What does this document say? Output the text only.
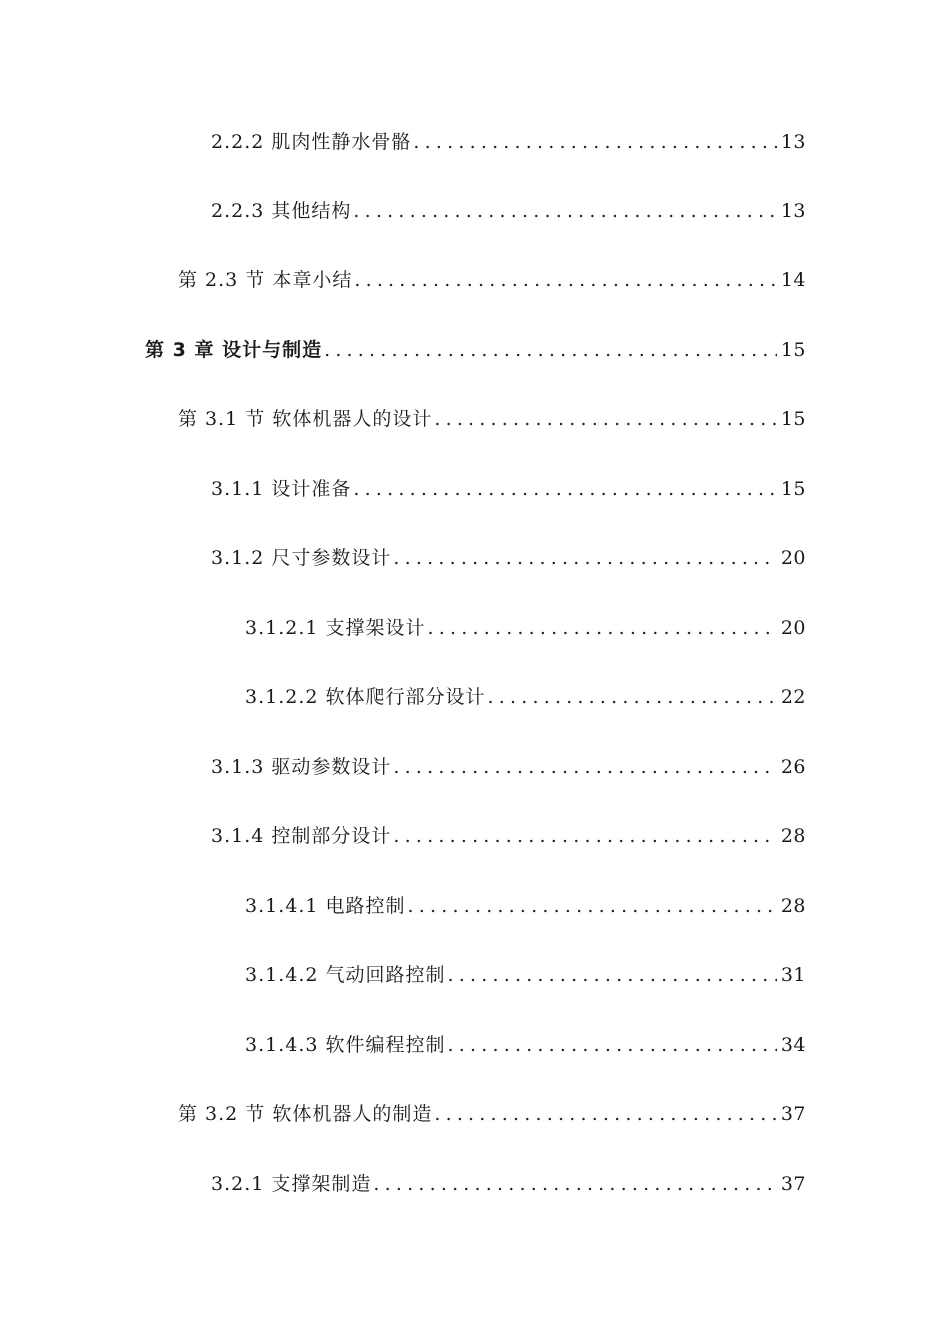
2.2.2 肌肉性静水骨骼 .....	13
2.2.3 其他结构 .....	13
第 2.3 节 本章小结 .....	14
第 3 章 设计与制造 .....	15
第 3.1 节 软体机器人的设计 .....	15
3.1.1 设计准备 .....	15
3.1.2 尺寸参数设计 .....	20
3.1.2.1 支撑架设计 .....	20
3.1.2.2 软体爬行部分设计 .....	22
3.1.3 驱动参数设计 .....	26
3.1.4 控制部分设计 .....	28
3.1.4.1 电路控制 .....	28
3.1.4.2 气动回路控制 .....	31
3.1.4.3 软件编程控制 .....	34
第 3.2 节 软体机器人的制造 .....	37
3.2.1 支撑架制造 .....	37
